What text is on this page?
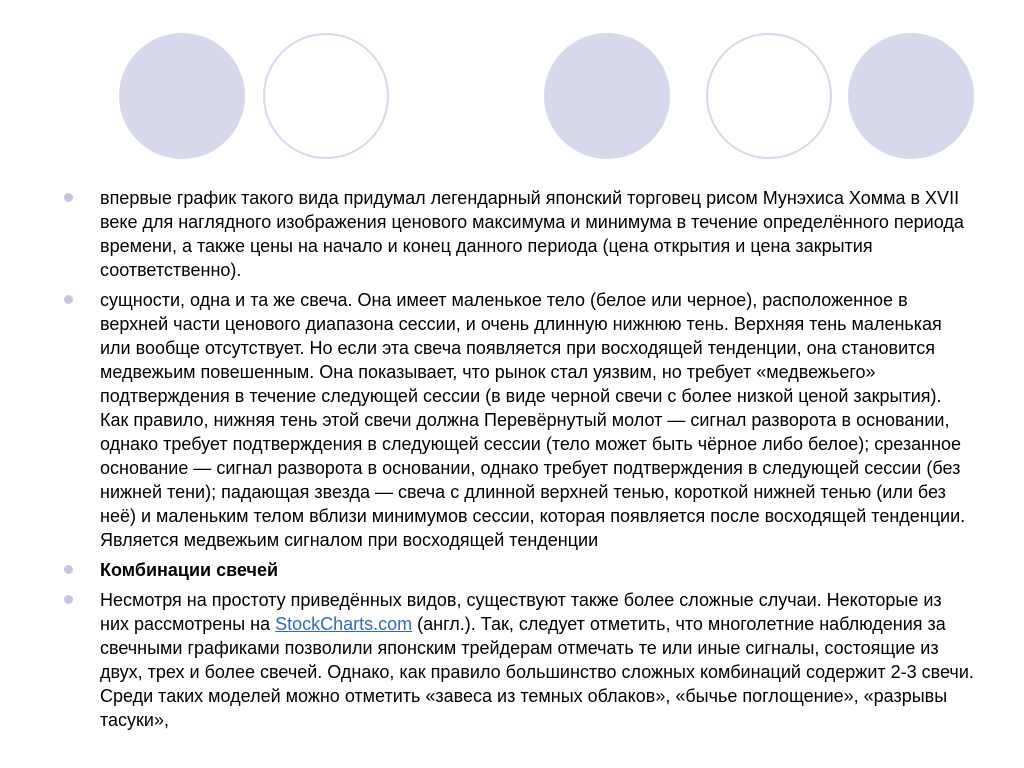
впервые график такого вида придумал легендарный японский торговец рисом Мунэхиса Хомма в XVII веке для наглядного изображения ценового максимума и минимума в течение определённого периода времени, а также цены на начало и конец данного периода (цена открытия и цена закрытия соответственно).
сущности, одна и та же свеча. Она имеет маленькое тело (белое или черное), расположенное в верхней части ценового диапазона сессии, и очень длинную нижнюю тень. Верхняя тень маленькая или вообще отсутствует. Но если эта свеча появляется при восходящей тенденции, она становится медвежьим повешенным. Она показывает, что рынок стал уязвим, но требует «медвежьего» подтверждения в течение следующей сессии (в виде черной свечи с более низкой ценой закрытия). Как правило, нижняя тень этой свечи должна Перевёрнутый молот — сигнал разворота в основании, однако требует подтверждения в следующей сессии (тело может быть чёрное либо белое); срезанное основание — сигнал разворота в основании, однако требует подтверждения в следующей сессии (без нижней тени); падающая звезда — свеча с длинной верхней тенью, короткой нижней тенью (или без неё) и маленьким телом вблизи минимумов сессии, которая появляется после восходящей тенденции. Является медвежьим сигналом при восходящей тенденции
Комбинации свечей
Несмотря на простоту приведённых видов, существуют также более сложные случаи. Некоторые из них рассмотрены на StockCharts.com (англ.). Так, следует отметить, что многолетние наблюдения за свечными графиками позволили японским трейдерам отмечать те или иные сигналы, состоящие из двух, трех и более свечей. Однако, как правило большинство сложных комбинаций содержит 2-3 свечи. Среди таких моделей можно отметить «завеса из темных облаков», «бычье поглощение», «разрывы тасуки»,
